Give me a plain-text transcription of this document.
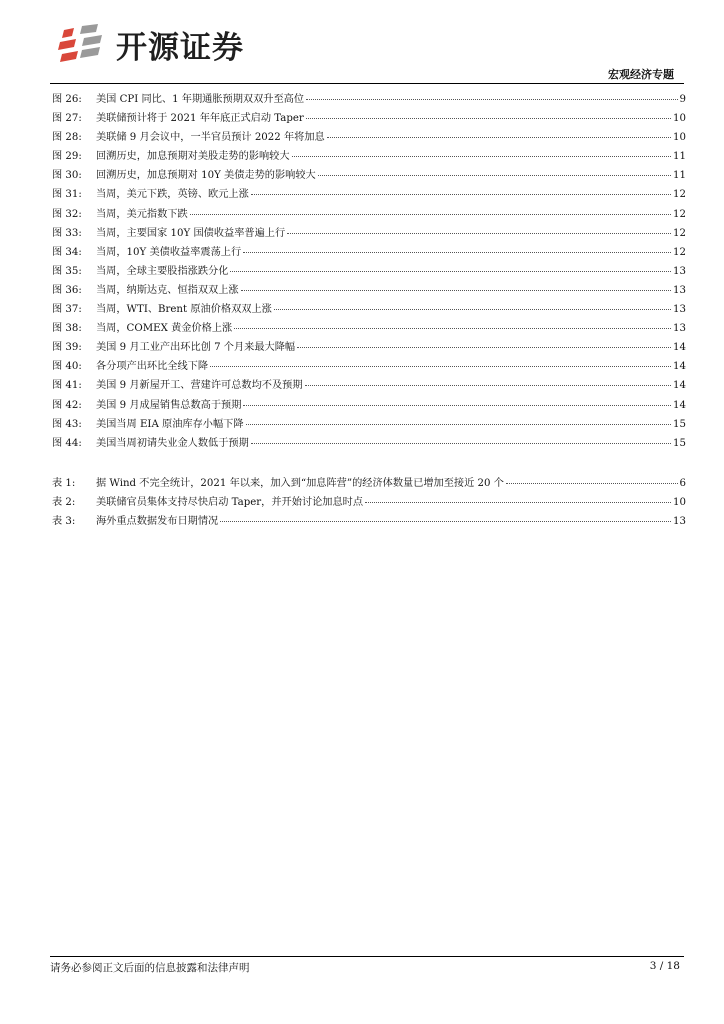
开源证券
宏观经济专题
图 26:	美国 CPI 同比、1 年期通胀预期双双升至高位	9
图 27:	美联储预计将于 2021 年年底正式启动 Taper	10
图 28:	美联储 9 月会议中，一半官员预计 2022 年将加息	10
图 29:	回溯历史，加息预期对美股走势的影响较大	11
图 30:	回溯历史，加息预期对 10Y 美债走势的影响较大	11
图 31:	当周，美元下跌，英镑、欧元上涨	12
图 32:	当周，美元指数下跌	12
图 33:	当周，主要国家 10Y 国债收益率普遍上行	12
图 34:	当周，10Y 美债收益率震荡上行	12
图 35:	当周，全球主要股指涨跌分化	13
图 36:	当周，纳斯达克、恒指双双上涨	13
图 37:	当周，WTI、Brent 原油价格双双上涨	13
图 38:	当周，COMEX 黄金价格上涨	13
图 39:	美国 9 月工业产出环比创 7 个月来最大降幅	14
图 40:	各分项产出环比全线下降	14
图 41:	美国 9 月新屋开工、营建许可总数均不及预期	14
图 42:	美国 9 月成屋销售总数高于预期	14
图 43:	美国当周 EIA 原油库存小幅下降	15
图 44:	美国当周初请失业金人数低于预期	15
表 1:	据 Wind 不完全统计，2021 年以来，加入到“加息阵营”的经济体数量已增加至接近 20 个	6
表 2:	美联储官员集体支持尽快启动 Taper，并开始讨论加息时点	10
表 3:	海外重点数据发布日期情况	13
请务必参阅正文后面的信息披露和法律声明	3 / 18
